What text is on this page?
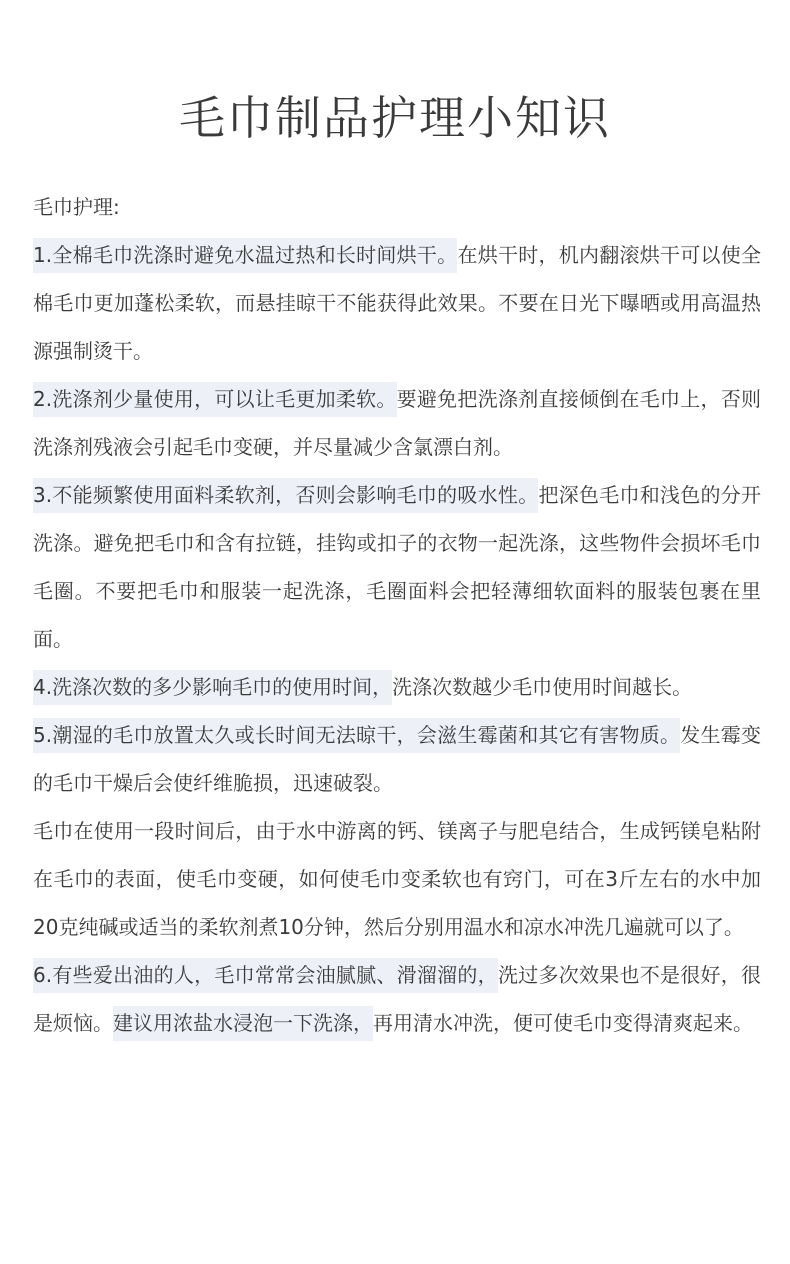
毛巾制品护理小知识

毛巾护理:

1.全棉毛巾洗涤时避免水温过热和长时间烘干。在烘干时，机内翻滚烘干可以使全棉毛巾更加蓬松柔软，而悬挂晾干不能获得此效果。不要在日光下曝晒或用高温热源强制烫干。

2.洗涤剂少量使用，可以让毛更加柔软。要避免把洗涤剂直接倾倒在毛巾上，否则洗涤剂残液会引起毛巾变硬，并尽量减少含氯漂白剂。

3.不能频繁使用面料柔软剂，否则会影响毛巾的吸水性。把深色毛巾和浅色的分开洗涤。避免把毛巾和含有拉链，挂钩或扣子的衣物一起洗涤，这些物件会损坏毛巾毛圈。不要把毛巾和服装一起洗涤，毛圈面料会把轻薄细软面料的服装包裹在里面。

4.洗涤次数的多少影响毛巾的使用时间，洗涤次数越少毛巾使用时间越长。

5.潮湿的毛巾放置太久或长时间无法晾干，会滋生霉菌和其它有害物质。发生霉变的毛巾干燥后会使纤维脆损，迅速破裂。

毛巾在使用一段时间后，由于水中游离的钙、镁离子与肥皂结合，生成钙镁皂粘附在毛巾的表面，使毛巾变硬，如何使毛巾变柔软也有窍门，可在3斤左右的水中加20克纯碱或适当的柔软剂煮10分钟，然后分别用温水和凉水冲洗几遍就可以了。

6.有些爱出油的人，毛巾常常会油腻腻、滑溜溜的，洗过多次效果也不是很好，很是烦恼。建议用浓盐水浸泡一下洗涤，再用清水冲洗，便可使毛巾变得清爽起来。
